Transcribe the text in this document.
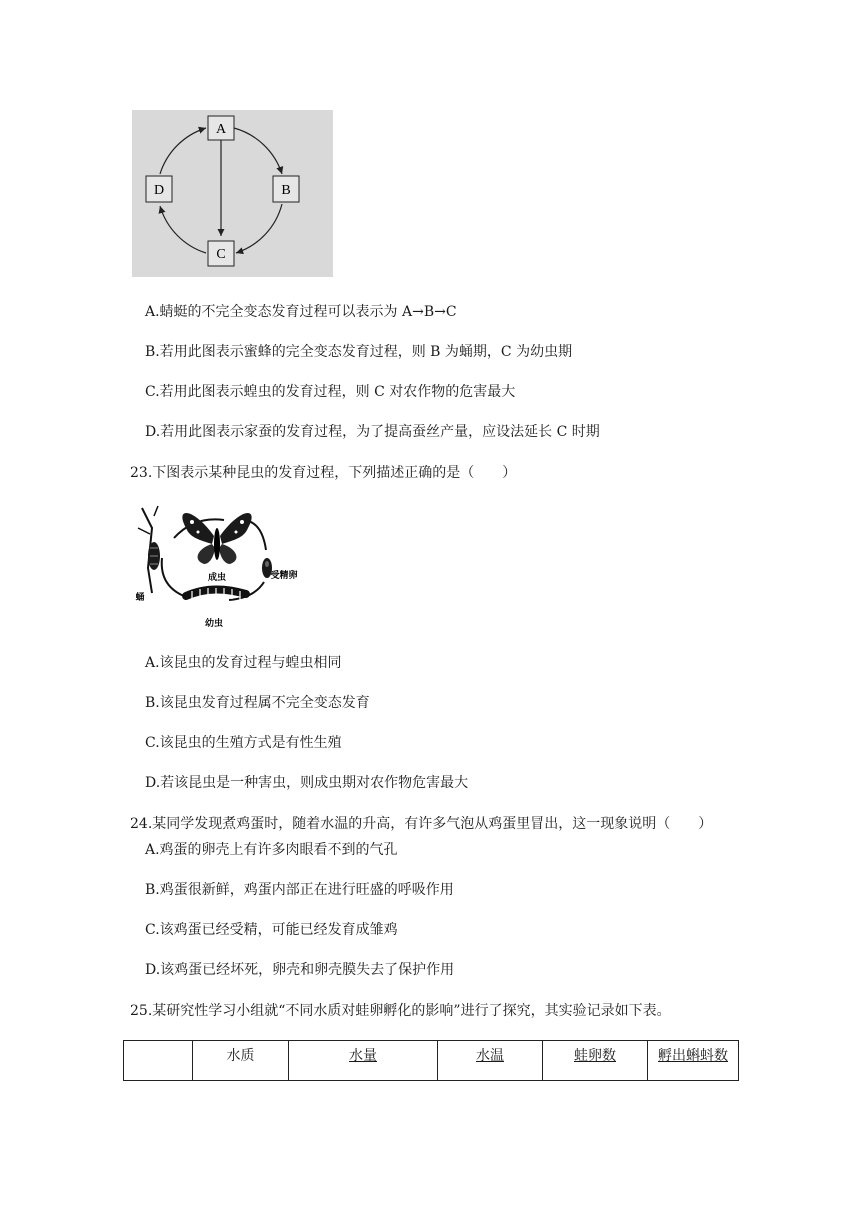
A
B
C
D
A.蜻蜓的不完全变态发育过程可以表示为 A→B→C
B.若用此图表示蜜蜂的完全变态发育过程，则 B 为蛹期，C 为幼虫期
C.若用此图表示蝗虫的发育过程，则 C 对农作物的危害最大
D.若用此图表示家蚕的发育过程，为了提高蚕丝产量，应设法延长 C 时期
23.下图表示某种昆虫的发育过程，下列描述正确的是（　　）
成虫	受精卵
幼虫
蛹
A.该昆虫的发育过程与蝗虫相同
B.该昆虫发育过程属不完全变态发育
C.该昆虫的生殖方式是有性生殖
D.若该昆虫是一种害虫，则成虫期对农作物危害最大
24.某同学发现煮鸡蛋时，随着水温的升高，有许多气泡从鸡蛋里冒出，这一现象说明（　　）
A.鸡蛋的卵壳上有许多肉眼看不到的气孔
B.鸡蛋很新鲜，鸡蛋内部正在进行旺盛的呼吸作用
C.该鸡蛋已经受精，可能已经发育成雏鸡
D.该鸡蛋已经坏死，卵壳和卵壳膜失去了保护作用
25.某研究性学习小组就“不同水质对蛙卵孵化的影响”进行了探究，其实验记录如下表。
	水质	水量	水温	蛙卵数	孵出蝌蚪数
